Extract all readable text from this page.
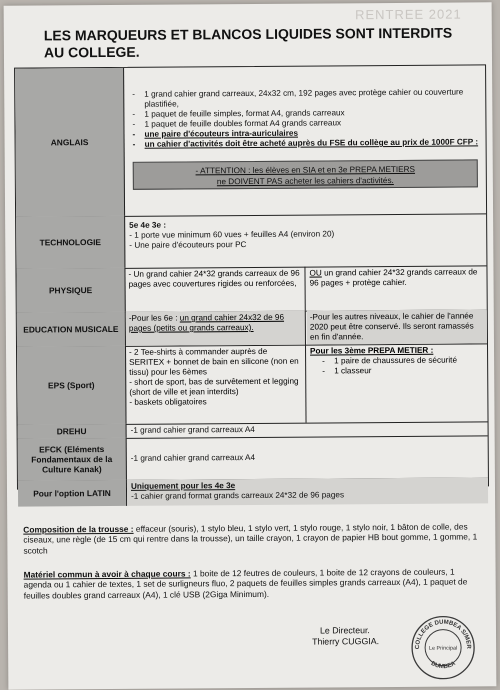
RENTREE 2021
LES MARQUEURS ET BLANCOS LIQUIDES SONT INTERDITS AU COLLEGE.
ANGLAIS
- 1 grand cahier grand carreaux, 24x32 cm, 192 pages avec protège cahier ou couverture plastifiée,
- 1 paquet de feuille simples, format A4, grands carreaux
- 1 paquet de feuille doubles format A4 grands carreaux
- une paire d'écouteurs intra-auriculaires
- un cahier d'activités doit être acheté auprès du FSE du collège au prix de 1000F CFP :
- ATTENTION : les élèves en SIA et en 3e PREPA METIERS
ne DOIVENT PAS acheter les cahiers d'activités.
TECHNOLOGIE
5e 4e 3e :
- 1 porte vue minimum 60 vues + feuilles A4 (environ 20)
- Une paire d'écouteurs pour PC
PHYSIQUE
- Un grand cahier 24*32 grands carreaux de 96 pages avec couvertures rigides ou renforcées,
OU un grand cahier 24*32 grands carreaux de 96 pages + protège cahier.
EDUCATION MUSICALE
-Pour les 6e : un grand cahier 24x32 de 96 pages (petits ou grands carreaux).
-Pour les autres niveaux, le cahier de l'année 2020 peut être conservé. Ils seront ramassés en fin d'année.
EPS (Sport)
- 2 Tee-shirts à commander auprès de SERITEX + bonnet de bain en silicone (non en tissu) pour les 6èmes
- short de sport, bas de survêtement et legging (short de ville et jean interdits)
- baskets obligatoires
Pour les 3ème PREPA METIER :
- 1 paire de chaussures de sécurité
- 1 classeur
DREHU	-1 grand cahier grand carreaux A4
EFCK (Eléments Fondamentaux de la Culture Kanak)
-1 grand cahier grand carreaux A4
Pour l'option LATIN
Uniquement pour les 4e 3e
-1 cahier grand format grands carreaux 24*32 de 96 pages
Composition de la trousse : effaceur (souris), 1 stylo bleu, 1 stylo vert, 1 stylo rouge, 1 stylo noir, 1 bâton de colle, des ciseaux, une règle (de 15 cm qui rentre dans la trousse), un taille crayon, 1 crayon de papier HB bout gomme, 1 gomme, 1 scotch
Matériel commun à avoir à chaque cours : 1 boite de 12 feutres de couleurs, 1 boite de 12 crayons de couleurs, 1 agenda ou 1 cahier de textes, 1 set de surligneurs fluo, 2 paquets de feuilles simples grands carreaux (A4), 1 paquet de feuilles doubles grand carreaux (A4), 1 clé USB (2Giga Minimum).
Le Directeur.
Thierry CUGGIA.
COLLEGE DUMBEA S/MER
DUMBEA
Le Principal
